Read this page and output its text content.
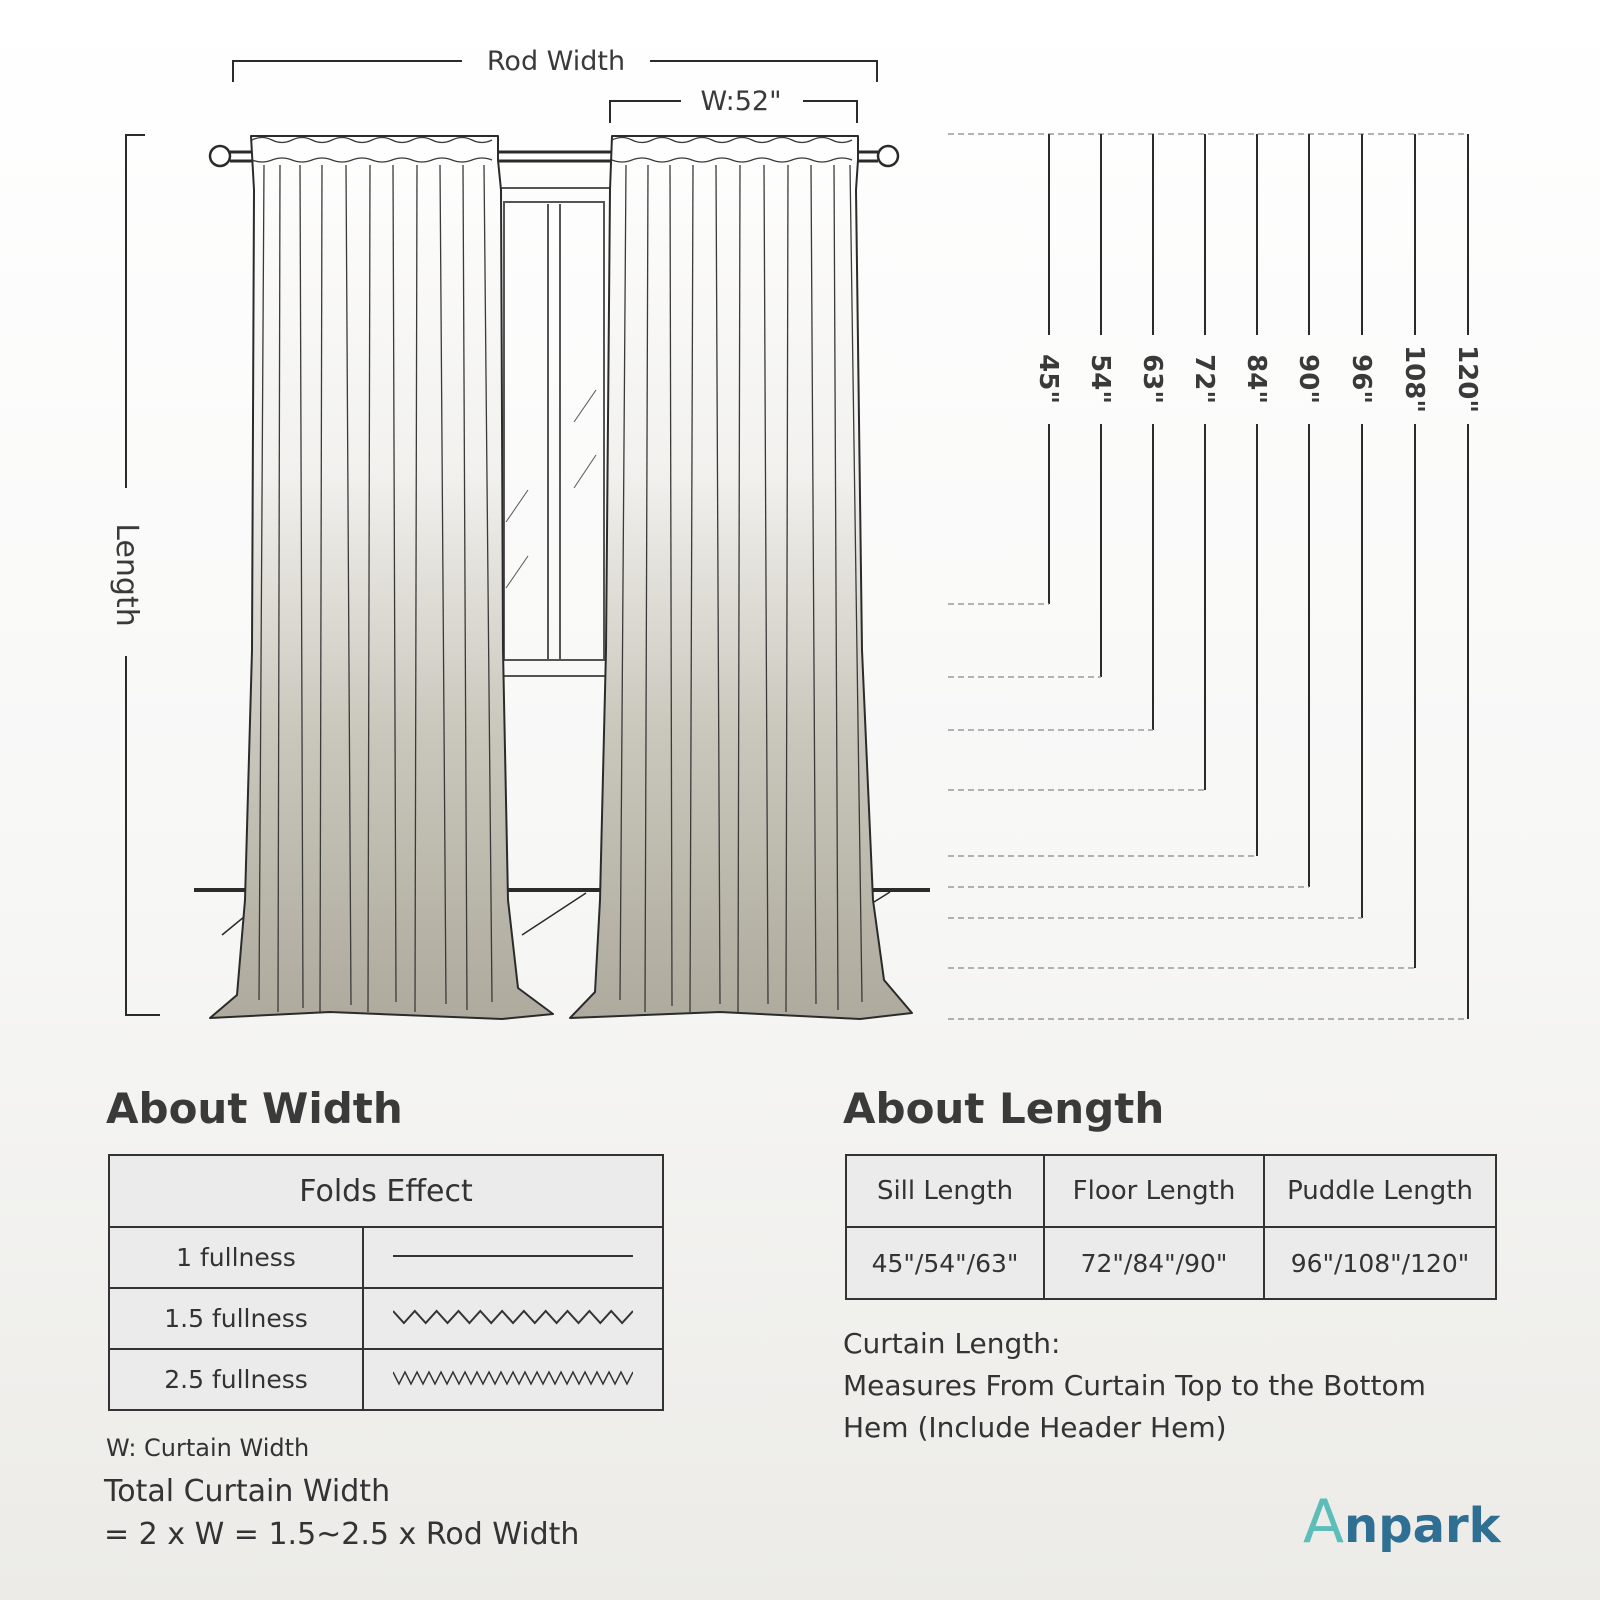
Rod Width
W:52"
Length
45" 54" 63" 72" 84" 90" 96" 108" 120"
About Width
Folds Effect	
1 fullness	
1.5 fullness	
2.5 fullness	

W: Curtain Width

Total Curtain Width

= 2 x W = 1.5~2.5 x Rod Width

About Length
Sill Length	Floor Length	Puddle Length
45"/54"/63"	72"/84"/90"	96"/108"/120"

Curtain Length:

Measures From Curtain Top to the Bottom

Hem (Include Header Hem)

Anpark
